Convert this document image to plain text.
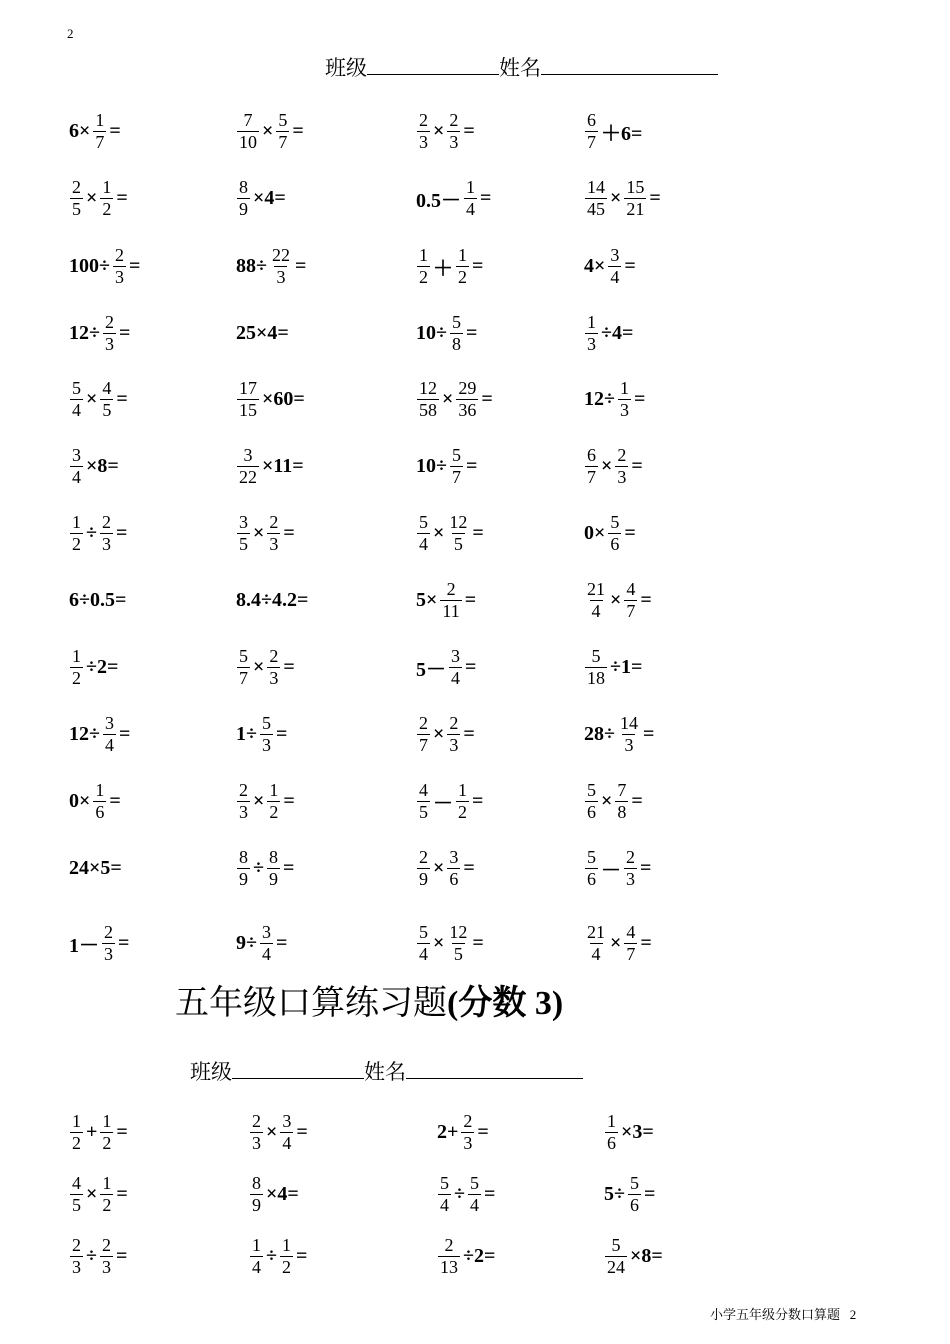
2
班级	姓名
$6\times \frac{1}{7}$ =	$\frac{7}{10} \times \frac{5}{7}$ =	$\frac{2}{3} \times \frac{2}{3}$ =	$\frac{6}{7} +6=$
$\frac{2}{5} \times \frac{1}{2}$ =	$\frac{8}{9} \times 4=$	$0.5- \frac{1}{4}$ =	$\frac{14}{45} \times \frac{15}{21}$ =
$100\div \frac{2}{3}$ =	$88\div \frac{22}{3}$ =	$\frac{1}{2} + \frac{1}{2}$ =	$4\times \frac{3}{4}$ =
$12\div \frac{2}{3}$ =	25×4=	$10\div \frac{5}{8}$ =	$\frac{1}{3} \div 4=$
$\frac{5}{4} \times \frac{4}{5}$ =	$\frac{17}{15} \times 60=$	$\frac{12}{58} \times \frac{29}{36}$ =	$12\div \frac{1}{3}$ =
$\frac{3}{4} \times 8=$	$\frac{3}{22} \times 11=$	$10\div \frac{5}{7}$ =	$\frac{6}{7} \times \frac{2}{3}$ =
$\frac{1}{2} \div \frac{2}{3}$ =	$\frac{3}{5} \times \frac{2}{3}$ =	$\frac{5}{4} \times \frac{12}{5}$ =	$0\times \frac{5}{6}$ =
6÷0.5=	8.4÷4.2=	$5\times \frac{2}{11}$ =	$\frac{21}{4} \times \frac{4}{7}$ =
$\frac{1}{2} \div 2=$	$\frac{5}{7} \times \frac{2}{3}$ =	$5- \frac{3}{4}$ =	$\frac{5}{18} \div 1=$
$12\div \frac{3}{4}$ =	$1\div \frac{5}{3}$ =	$\frac{2}{7} \times \frac{2}{3}$ =	$28\div \frac{14}{3}$ =
$0\times \frac{1}{6}$ =	$\frac{2}{3} \times \frac{1}{2}$ =	$\frac{4}{5} - \frac{1}{2}$ =	$\frac{5}{6} \times \frac{7}{8}$ =
24×5=	$\frac{8}{9} \div \frac{8}{9}$ =	$\frac{2}{9} \times \frac{3}{6}$ =	$\frac{5}{6} - \frac{2}{3}$ =
$1- \frac{2}{3}$ =	$9\div \frac{3}{4}$ =	$\frac{5}{4} \times \frac{12}{5}$ =	$\frac{21}{4} \times \frac{4}{7}$ =
五年级口算练习题(分数 3)
班级	姓名
$\frac{1}{2} + \frac{1}{2}$ =	$\frac{2}{3} \times \frac{3}{4}$ =	$2+ \frac{2}{3}$ =	$\frac{1}{6} \times 3=$
$\frac{4}{5} \times \frac{1}{2}$ =	$\frac{8}{9} \times 4=$	$\frac{5}{4} \div \frac{5}{4}$ =	$5\div \frac{5}{6}$ =
$\frac{2}{3} \div \frac{2}{3}$ =	$\frac{1}{4} \div \frac{1}{2}$ =	$\frac{2}{13} \div 2=$	$\frac{5}{24} \times 8=$
小学五年级分数口算题 2
